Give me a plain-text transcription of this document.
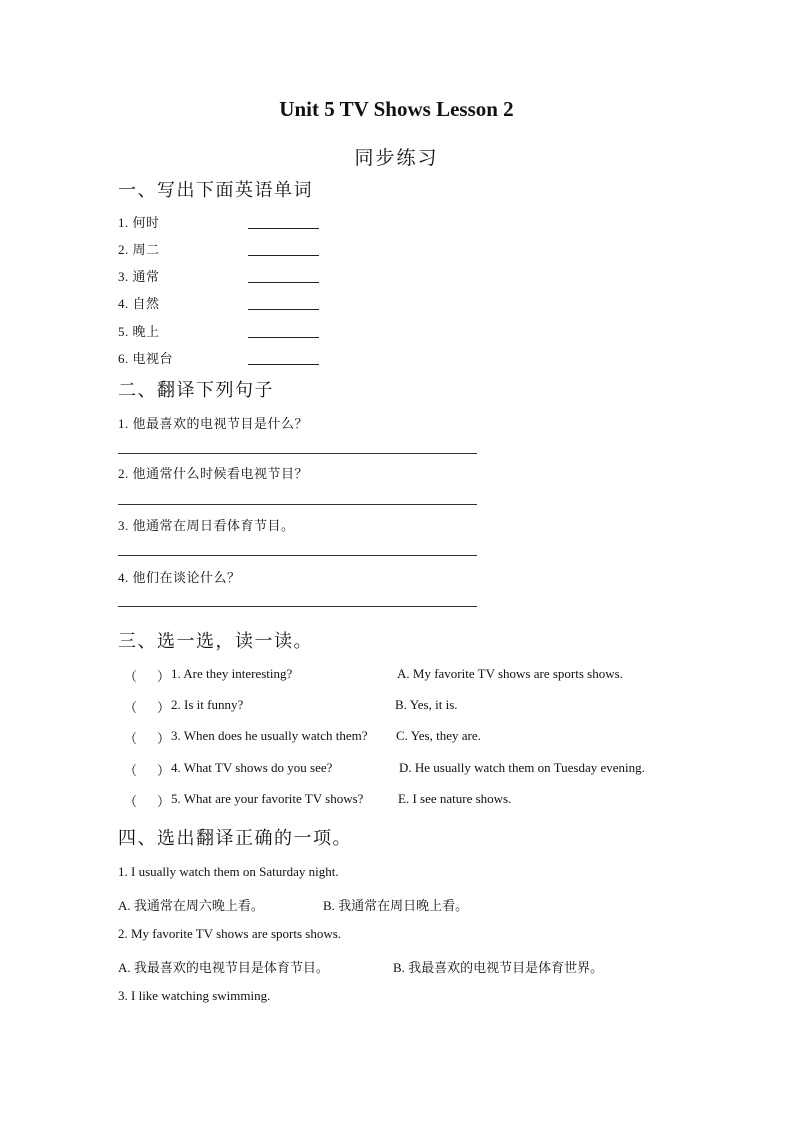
Unit 5 TV Shows Lesson 2
同步练习
一、写出下面英语单词
1. 何时
2. 周二
3. 通常
4. 自然
5. 晚上
6. 电视台
二、翻译下列句子
1. 他最喜欢的电视节目是什么？
2. 他通常什么时候看电视节目？
3. 他通常在周日看体育节目。
4. 他们在谈论什么？
三、选一选，读一读。
（ ） 1. Are they interesting?	A. My favorite TV shows are sports shows.
（ ） 2. Is it funny?	B. Yes, it is.
（ ） 3. When does he usually watch them? C. Yes, they are.
（ ） 4. What TV shows do you see?	D. He usually watch them on Tuesday evening.
（ ） 5. What are your favorite TV shows?	E. I see nature shows.
四、选出翻译正确的一项。
1. I usually watch them on Saturday night.
A. 我通常在周六晚上看。	B. 我通常在周日晚上看。
2. My favorite TV shows are sports shows.
A. 我最喜欢的电视节目是体育节目。	B. 我最喜欢的电视节目是体育世界。
3. I like watching swimming.
